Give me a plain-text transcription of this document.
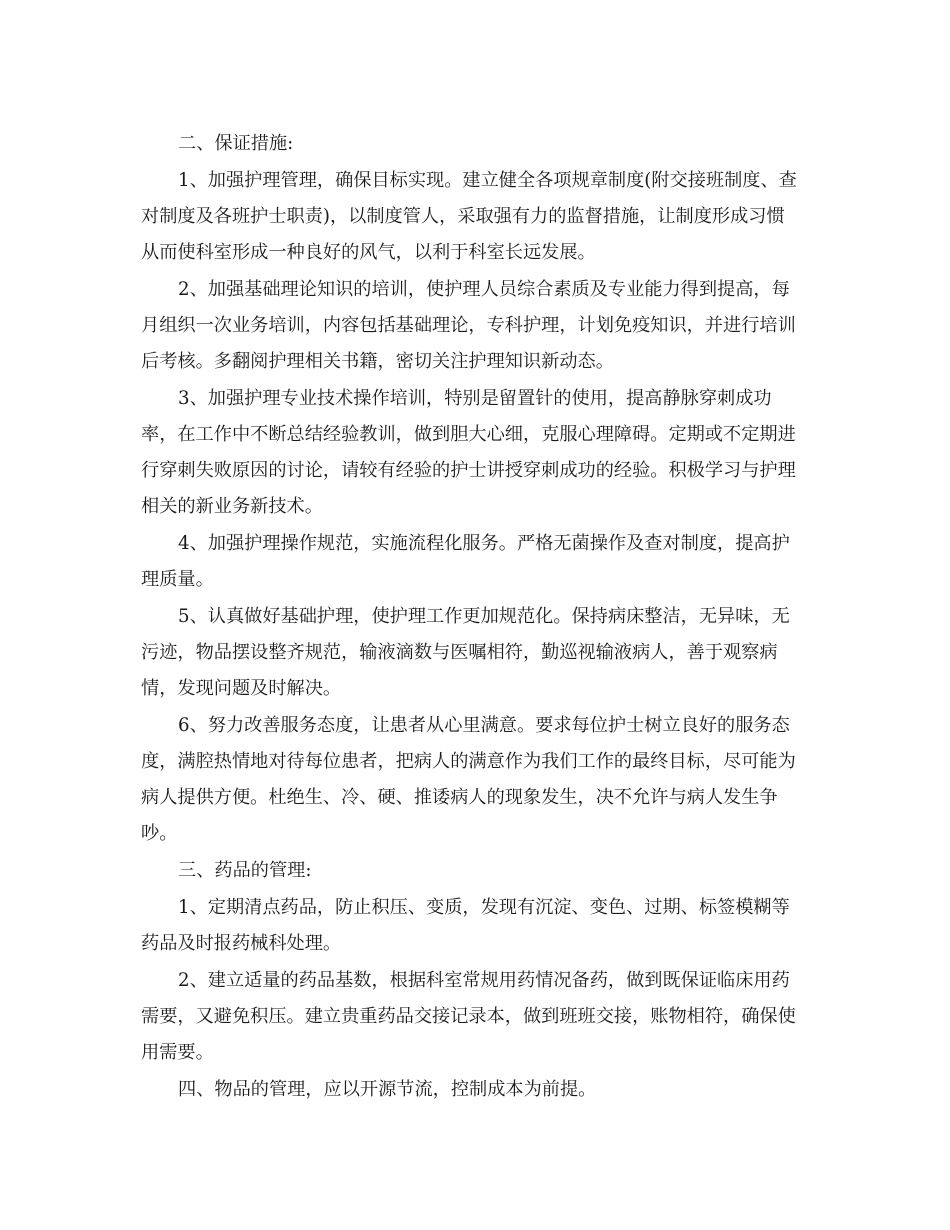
二、保证措施:

1、加强护理管理，确保目标实现。建立健全各项规章制度(附交接班制度、查

对制度及各班护士职责)，以制度管人，采取强有力的监督措施，让制度形成习惯

从而使科室形成一种良好的风气，以利于科室长远发展。

2、加强基础理论知识的培训，使护理人员综合素质及专业能力得到提高，每

月组织一次业务培训，内容包括基础理论，专科护理，计划免疫知识，并进行培训

后考核。多翻阅护理相关书籍，密切关注护理知识新动态。

3、加强护理专业技术操作培训，特别是留置针的使用，提高静脉穿刺成功

率，在工作中不断总结经验教训，做到胆大心细，克服心理障碍。定期或不定期进

行穿刺失败原因的讨论，请较有经验的护士讲授穿刺成功的经验。积极学习与护理

相关的新业务新技术。

4、加强护理操作规范，实施流程化服务。严格无菌操作及查对制度，提高护

理质量。

5、认真做好基础护理，使护理工作更加规范化。保持病床整洁，无异味，无

污迹，物品摆设整齐规范，输液滴数与医嘱相符，勤巡视输液病人，善于观察病

情，发现问题及时解决。

6、努力改善服务态度，让患者从心里满意。要求每位护士树立良好的服务态

度，满腔热情地对待每位患者，把病人的满意作为我们工作的最终目标，尽可能为

病人提供方便。杜绝生、冷、硬、推诿病人的现象发生，决不允许与病人发生争

吵。

三、药品的管理:

1、定期清点药品，防止积压、变质，发现有沉淀、变色、过期、标签模糊等

药品及时报药械科处理。

2、建立适量的药品基数，根据科室常规用药情况备药，做到既保证临床用药

需要，又避免积压。建立贵重药品交接记录本，做到班班交接，账物相符，确保使

用需要。

四、物品的管理，应以开源节流，控制成本为前提。
